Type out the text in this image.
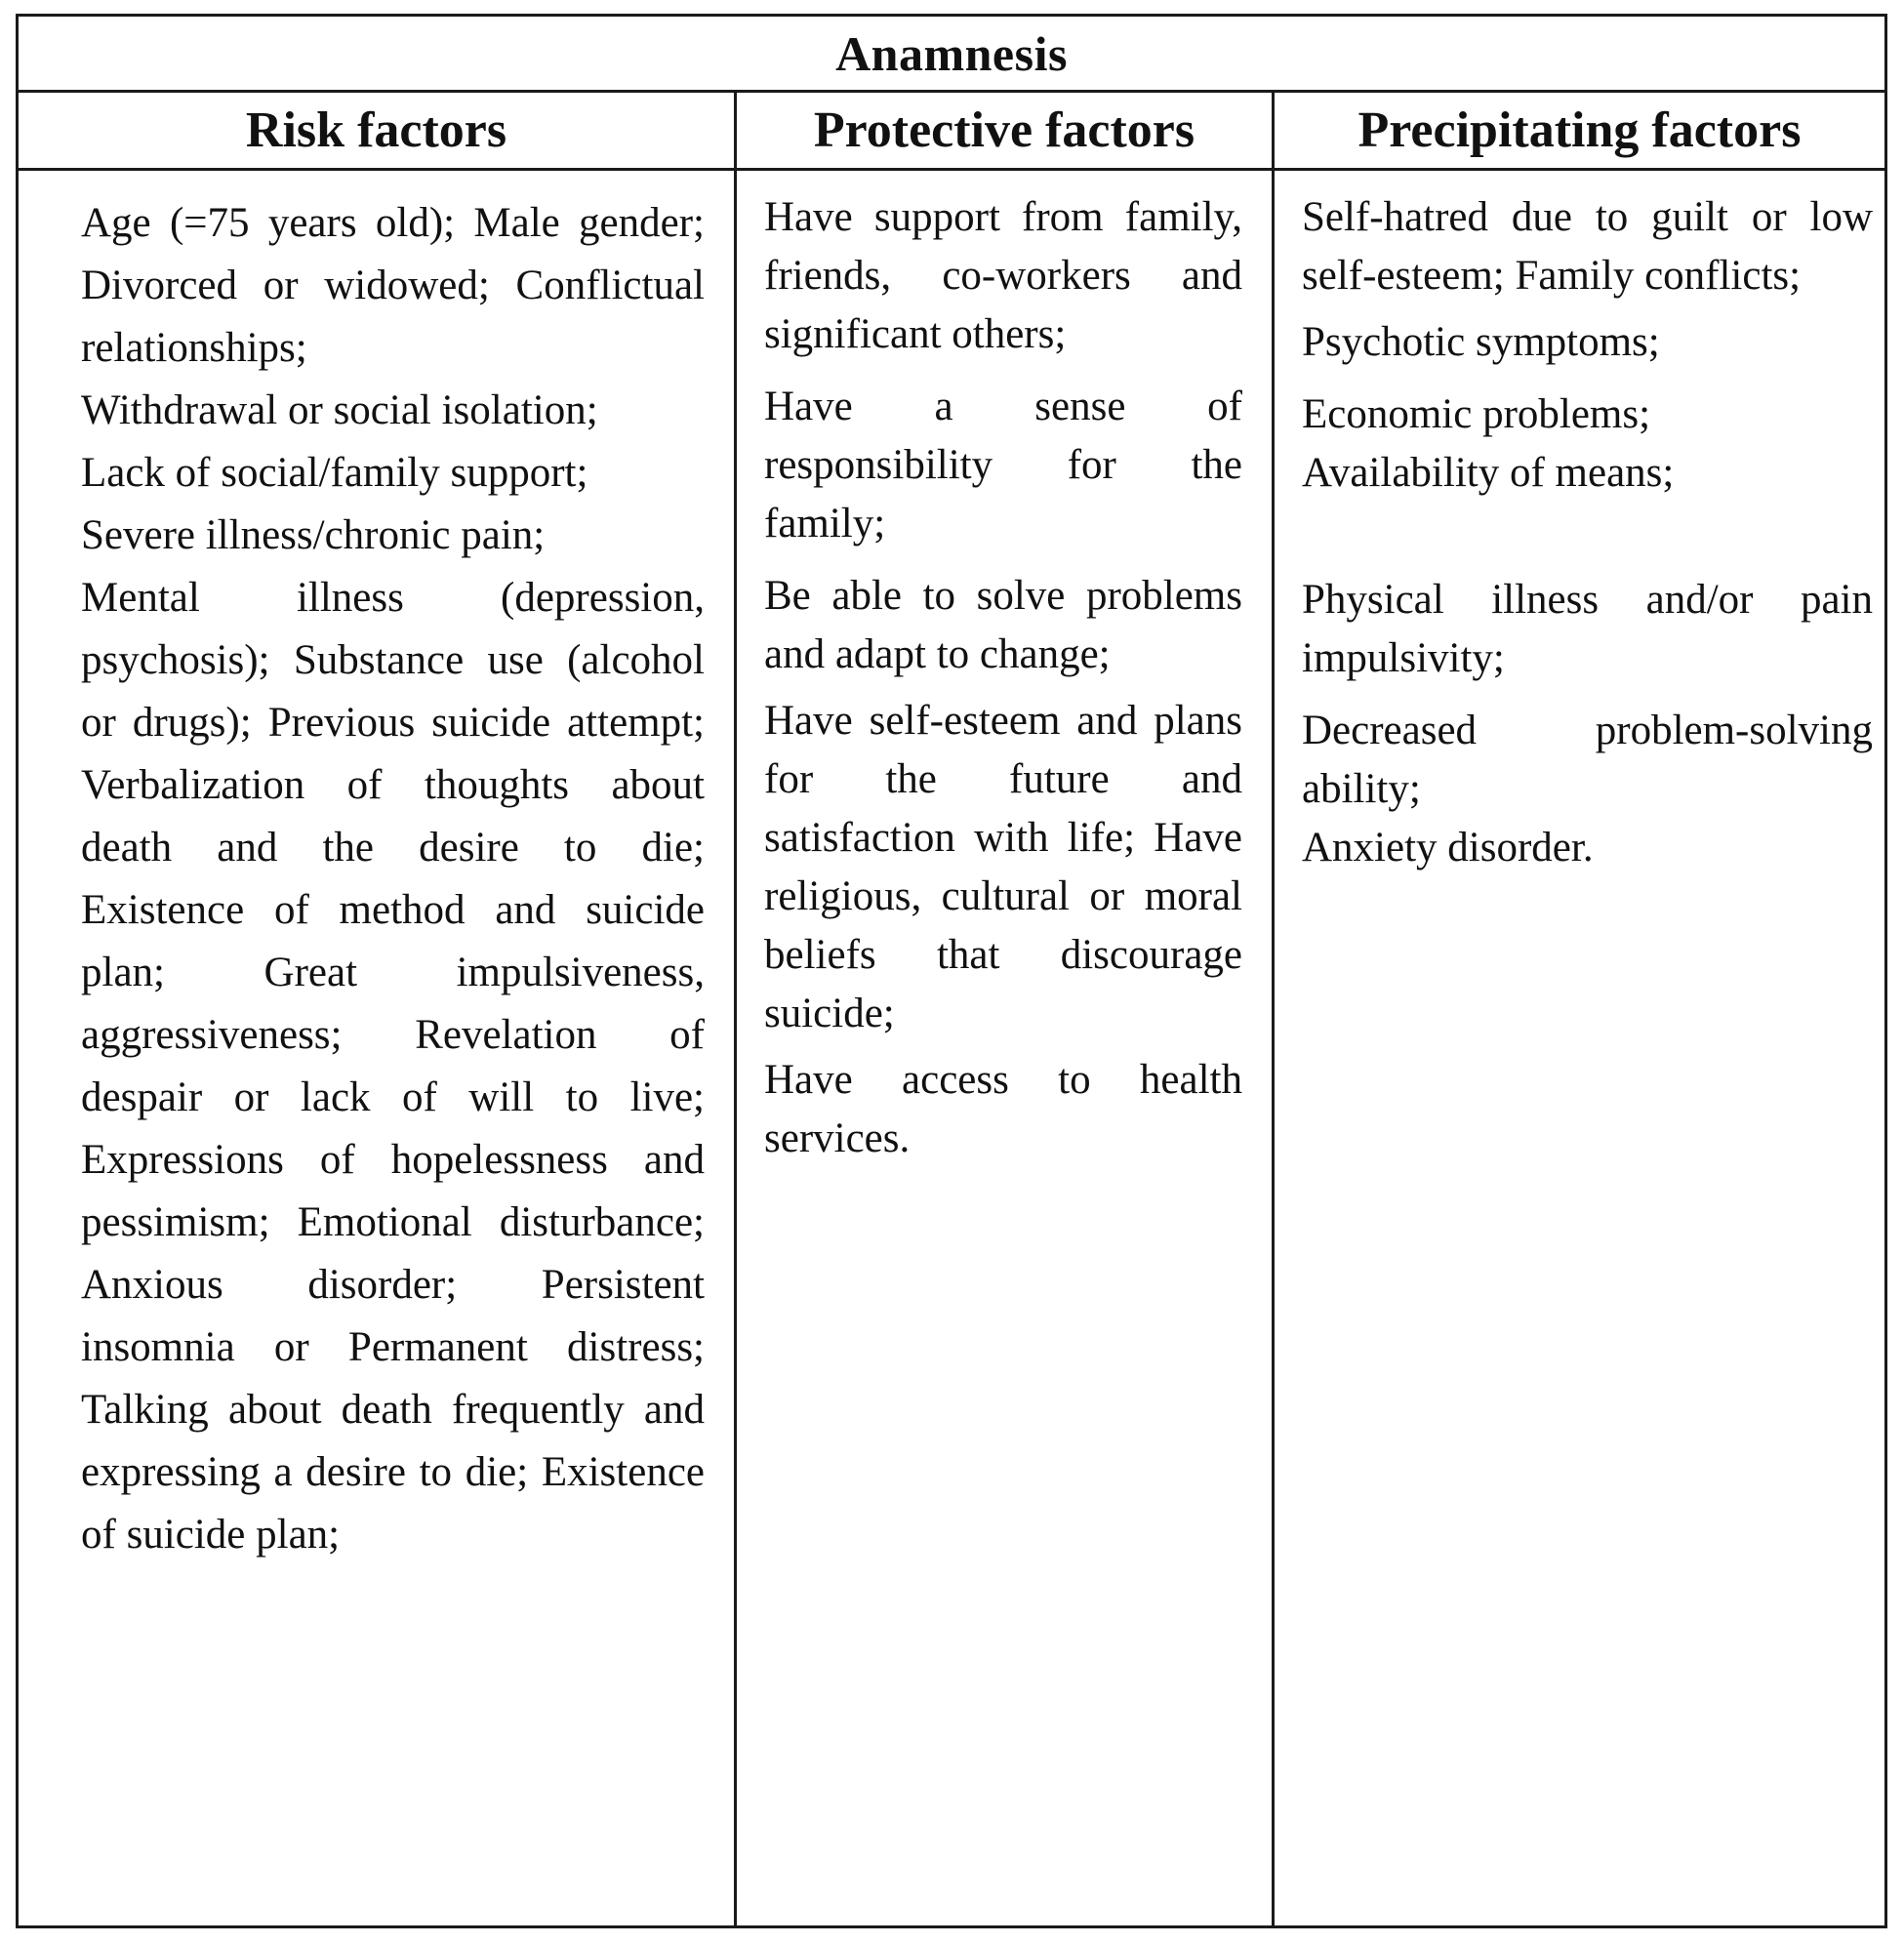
Anamnesis
Risk factors	Protective factors	Precipitating factors

Age (=75 years old); Male gender; Divorced or widowed; Conflictual relationships;

Withdrawal or social isolation;

Lack of social/family support;

Severe illness/chronic pain;

Mental illness (depression, psychosis); Substance use (alcohol or drugs); Previous suicide attempt; Verbalization of thoughts about death and the desire to die; Existence of method and suicide plan; Great impulsiveness, aggressiveness; Revelation of despair or lack of will to live; Expressions of hopelessness and pessimism; Emotional disturbance; Anxious disorder; Persistent insomnia or Permanent distress; Talking about death frequently and expressing a desire to die; Existence of suicide plan;

Have support from family, friends, co-workers and significant others;

Have a sense of responsibility for the family;

Be able to solve problems and adapt to change;

Have self-esteem and plans for the future and satisfaction with life; Have religious, cultural or moral beliefs that discourage suicide;

Have access to health services.

Self-hatred due to guilt or low self-esteem; Family conflicts;

Psychotic symptoms;

Economic problems;

Availability of means;

Physical illness and/or pain impulsivity;

Decreased problem-solving ability;

Anxiety disorder.
